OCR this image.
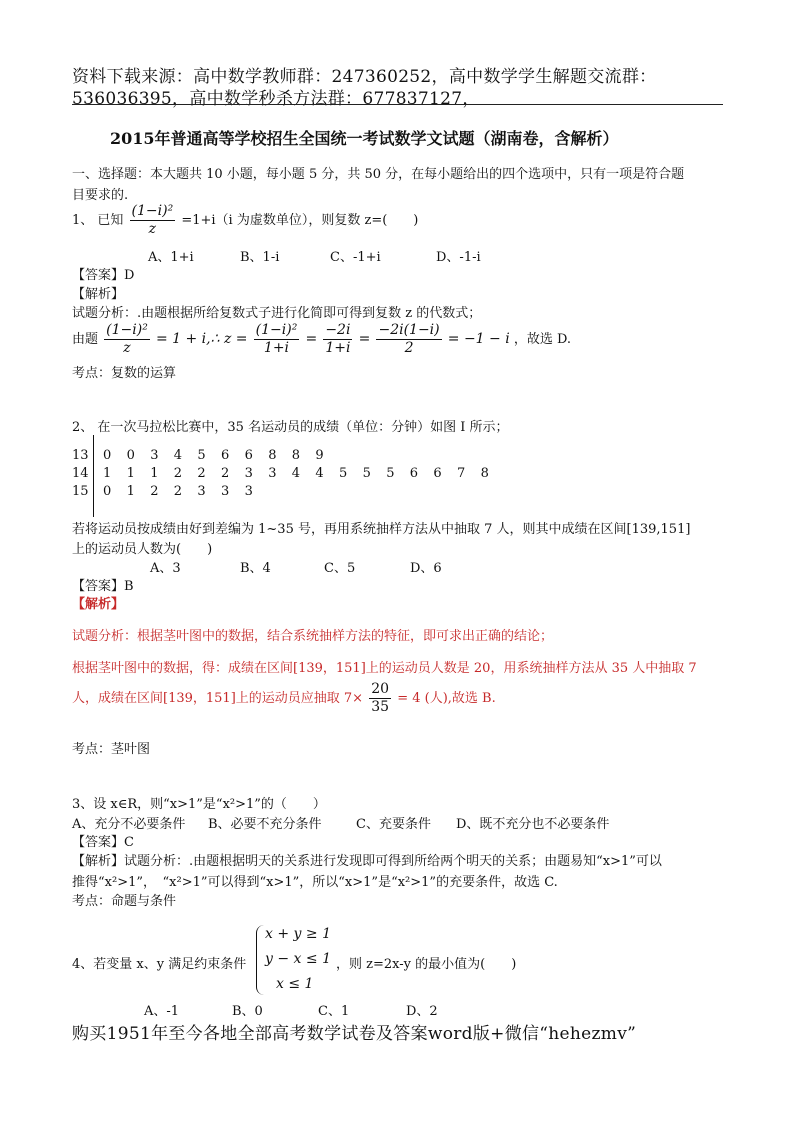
资料下载来源：高中数学教师群：247360252，高中数学学生解题交流群：
536036395，高中数学秒杀方法群：677837127，
2015年普通高等学校招生全国统一考试数学文试题（湖南卷，含解析）
一、选择题：本大题共 10 小题，每小题 5 分，共 50 分，在每小题给出的四个选项中，只有一项是符合题
目要求的.
1、 已知 $\frac{\text{(1−i)²}}{z} =1+i(i$ 为虚数单位），则复数 z=(　　)
A、1+i	B、1-i	C、-1+i	D、-1-i
【答案】D
【解析】
试题分析：.由题根据所给复数式子进行化简即可得到复数 z 的代数式；
由题 $\frac{\text{(1−i)²}}{z} = 1$ + i,∴ $z = \frac{\text{(1−i)²}}{1+i} = \frac{-2i}{1+i} = \frac{-2i(1-i)}{2} = -1 - i$ ，故选 D.
考点：复数的运算
2、 在一次马拉松比赛中，35 名运动员的成绩（单位：分钟）如图 I 所示；
13 0 0 3 4 5 6 6 8 8 9
14 1 1 1 2 2 2 3 3 4 4 5 5 5 6 6 7 8
15 0 1 2 2 3 3 3
若将运动员按成绩由好到差编为 1~35 号，再用系统抽样方法从中抽取 7 人，则其中成绩在区间[139,151]
上的运动员人数为(　　)
A、3	B、4	C、5	D、6
【答案】B
【解析】
试题分析：根据茎叶图中的数据，结合系统抽样方法的特征，即可求出正确的结论；
根据茎叶图中的数据，得：成绩在区间[139，151]上的运动员人数是 20，用系统抽样方法从 35 人中抽取 7
人，成绩在区间[139，151]上的运动员应抽取 $7\times \frac{20}{35} = 4$ (人),故选 B.
考点：茎叶图
3、设 x∈R，则“x>1”是“x²>1”的（　　）
A、充分不必要条件 B、必要不充分条件	C、充要条件 D、既不充分也不必要条件
【答案】C
【解析】试题分析：.由题根据明天的关系进行发现即可得到所给两个明天的关系；由题易知“x>1”可以
推得“x²>1”，　“x²>1”可以得到“x>1”，所以“x>1”是“x²>1”的充要条件，故选 C.
考点：命题与条件
4、若变量 x、y 满足约束条件
x + y ≥ 1
y − x ≤ 1
x ≤ 1
，则 z=2x-y 的最小值为(　　)
A、-1	B、0	C、1	D、2
购买1951年至今各地全部高考数学试卷及答案word版+微信“hehezmv”
